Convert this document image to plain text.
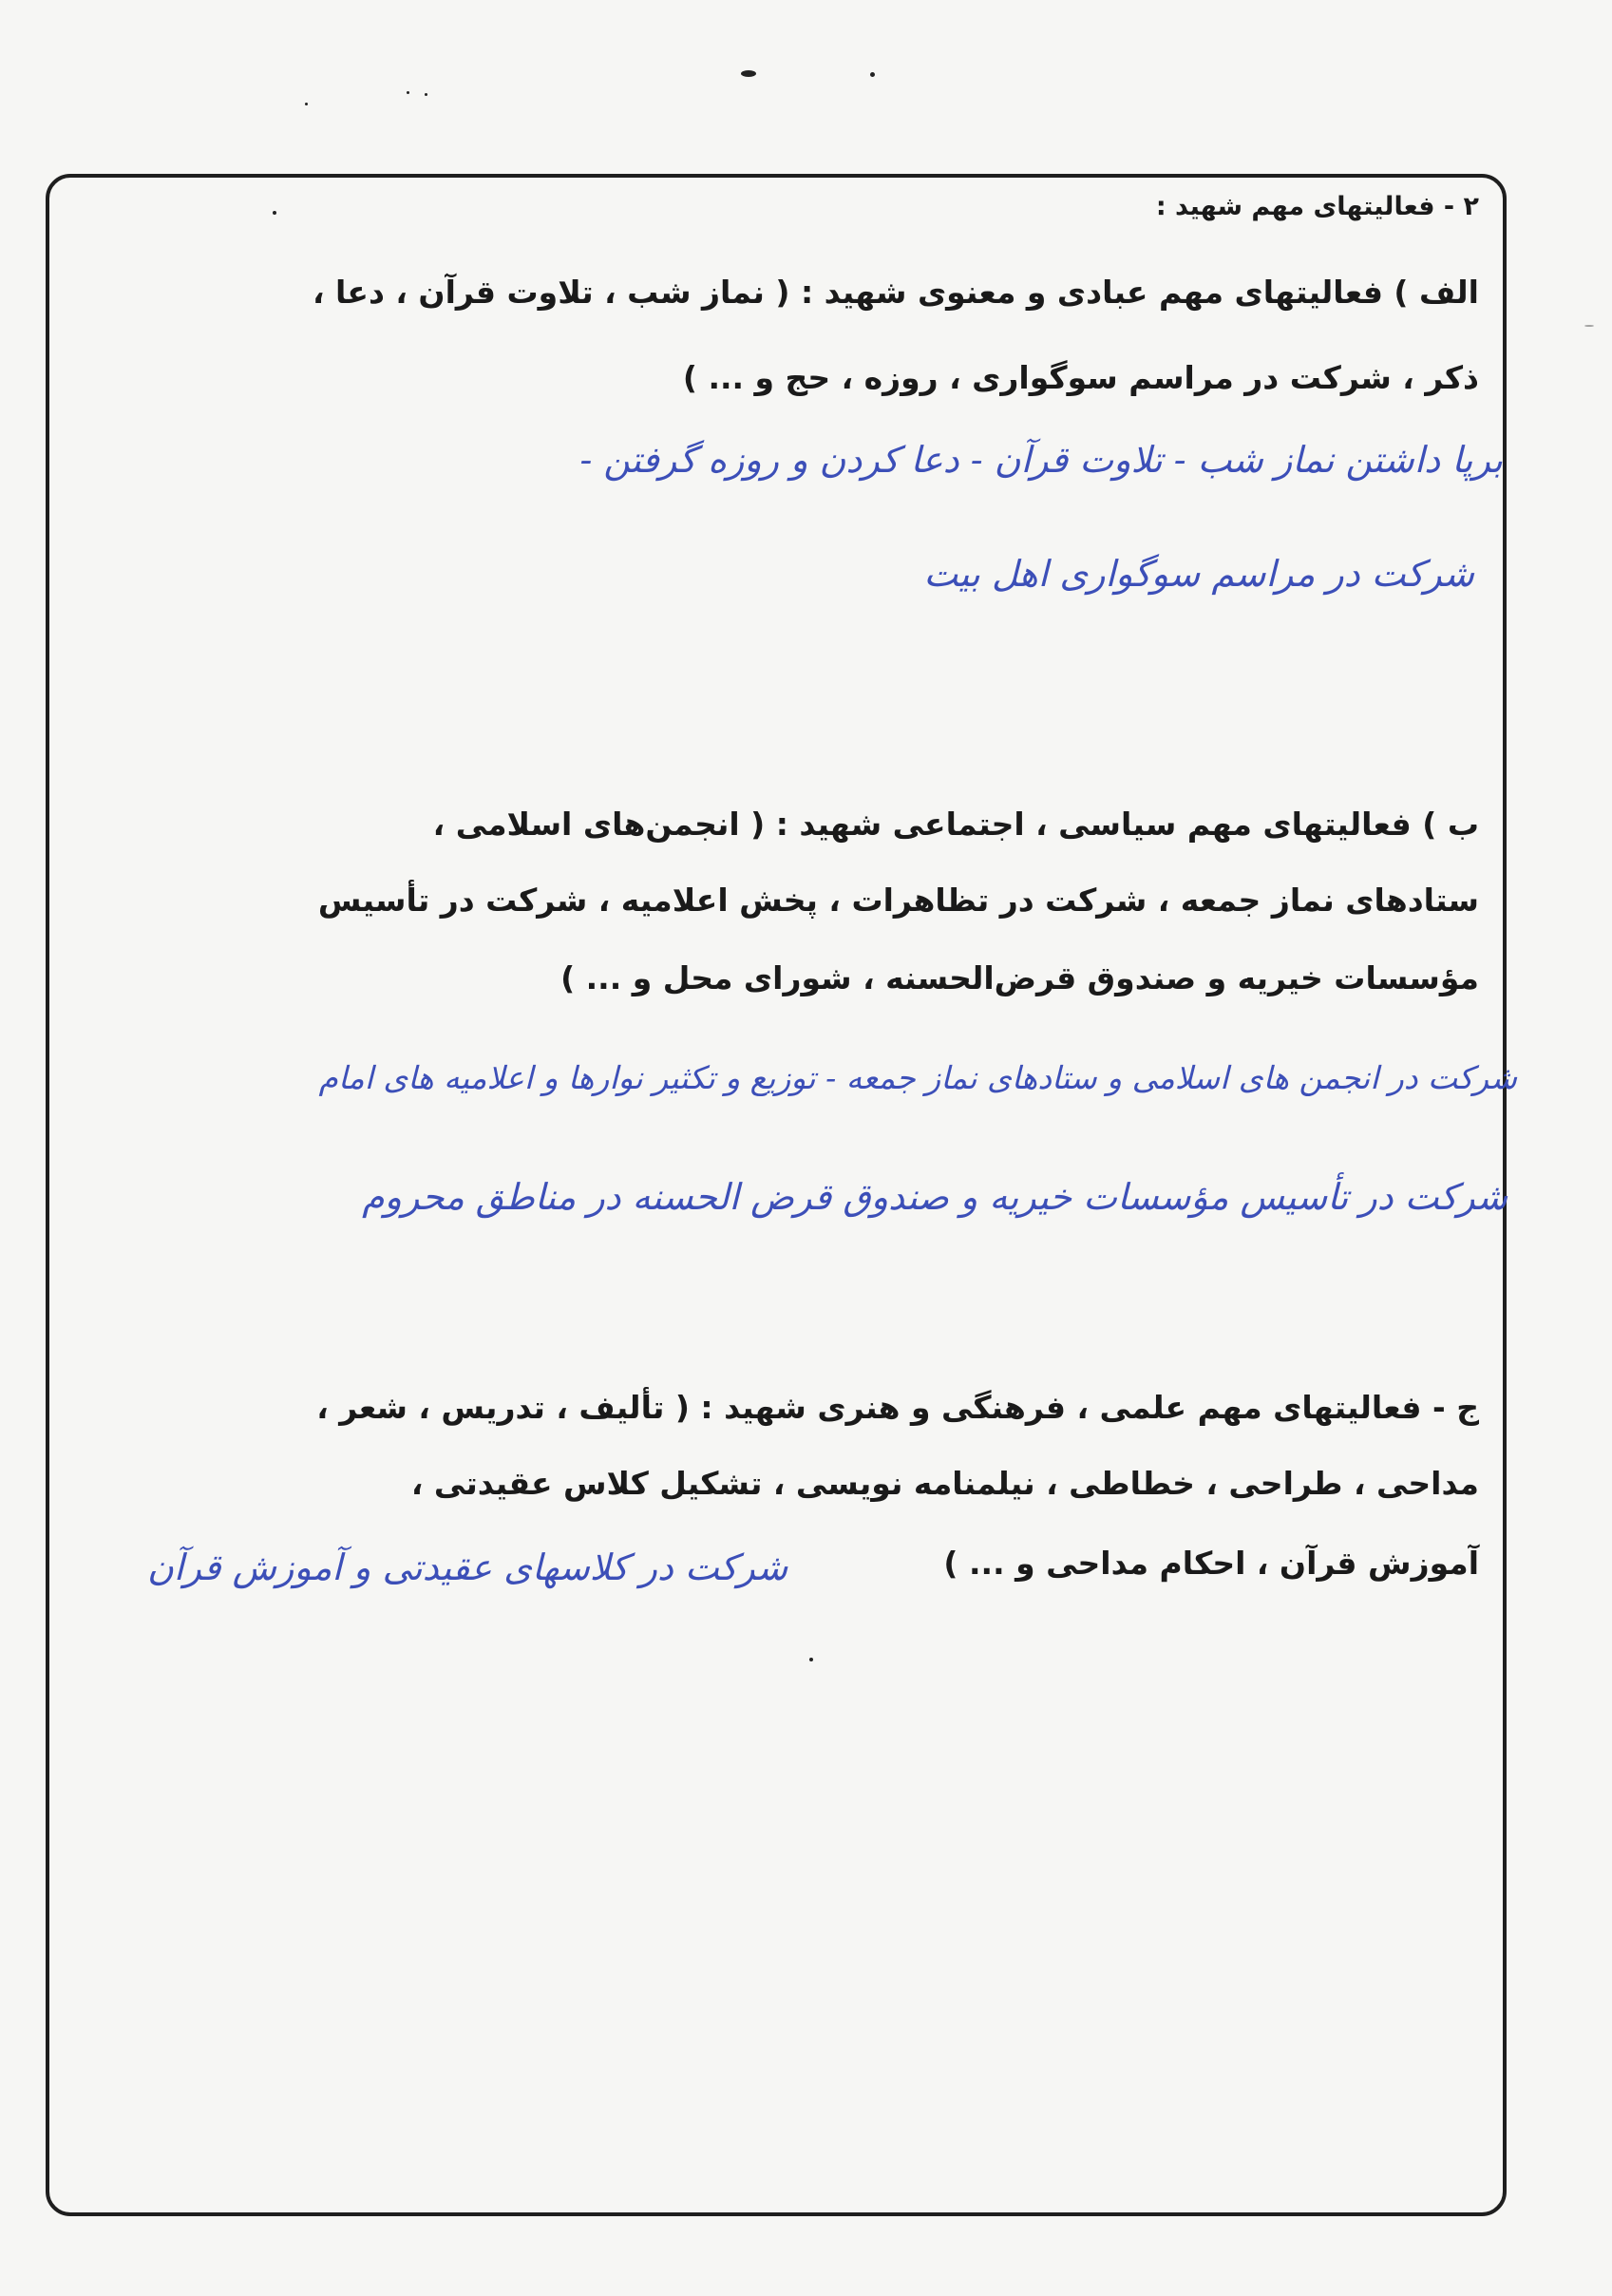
۲ - فعالیتهای مهم شهید :
الف ) فعالیتهای مهم عبادی و معنوی شهید : ( نماز شب ، تلاوت قرآن ، دعا ،
ذکر ، شرکت در مراسم سوگواری ، روزه ، حج و ... )
برپا داشتن نماز شب - تلاوت قرآن - دعا کردن و روزه گرفتن -
شرکت در مراسم سوگواری اهل بیت
ب ) فعالیتهای مهم سیاسی ، اجتماعی شهید : ( انجمن‌های اسلامی ،
ستادهای نماز جمعه ، شرکت در تظاهرات ، پخش اعلامیه ، شرکت در تأسیس
مؤسسات خیریه و صندوق قرض‌الحسنه ، شورای محل و ... )
شرکت در انجمن های اسلامی و ستادهای نماز جمعه - توزیع و تکثیر نوارها و اعلامیه های امام
شرکت در تأسیس مؤسسات خیریه و صندوق قرض الحسنه در مناطق محروم
ج - فعالیتهای مهم علمی ، فرهنگی و هنری شهید : ( تألیف ، تدریس ، شعر ،
مداحی ، طراحی ، خطاطی ، نیلمنامه نویسی ، تشکیل کلاس عقیدتی ،
آموزش قرآن ، احکام مداحی و ... )
شرکت در کلاسهای عقیدتی و آموزش قرآن
